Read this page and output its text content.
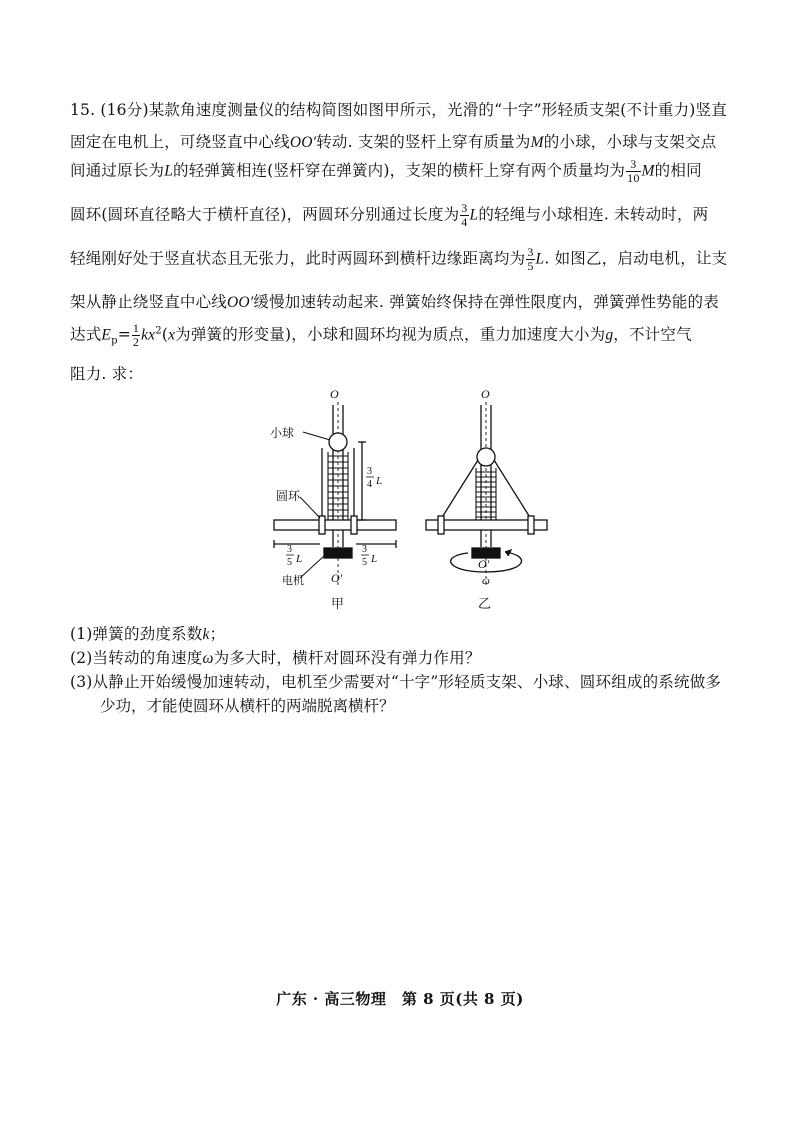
15. (16分)某款角速度测量仪的结构简图如图甲所示，光滑的“十字”形轻质支架(不计重力)竖直
固定在电机上，可绕竖直中心线OO′转动. 支架的竖杆上穿有质量为M的小球，小球与支架交点
间通过原长为L的轻弹簧相连(竖杆穿在弹簧内)，支架的横杆上穿有两个质量均为 $\frac{3}{10}$ M的相同
圆环(圆环直径略大于横杆直径)，两圆环分别通过长度为 $\frac{3}{4}$ L的轻绳与小球相连. 未转动时，两
轻绳刚好处于竖直状态且无张力，此时两圆环到横杆边缘距离均为 $\frac{3}{5} L$. 如图乙，启动电机，让支
架从静止绕竖直中心线OO′缓慢加速转动起来. 弹簧始终保持在弹性限度内，弹簧弹性势能的表
达式$E_p= \frac{1}{2} kx^2(x$为弹簧的形变量)，小球和圆环均视为质点，重力加速度大小为g，不计空气
阻力. 求：
O
小球
圆环
3
4 L
3
5 L
3
5 L
电机 O′
甲
O
O′
ω
乙
(1)弹簧的劲度系数k；
(2)当转动的角速度ω为多大时，横杆对圆环没有弹力作用？
(3)从静止开始缓慢加速转动，电机至少需要对“十字”形轻质支架、小球、圆环组成的系统做多
少功，才能使圆环从横杆的两端脱离横杆？
广东 · 高三物理　第 8 页(共 8 页)
